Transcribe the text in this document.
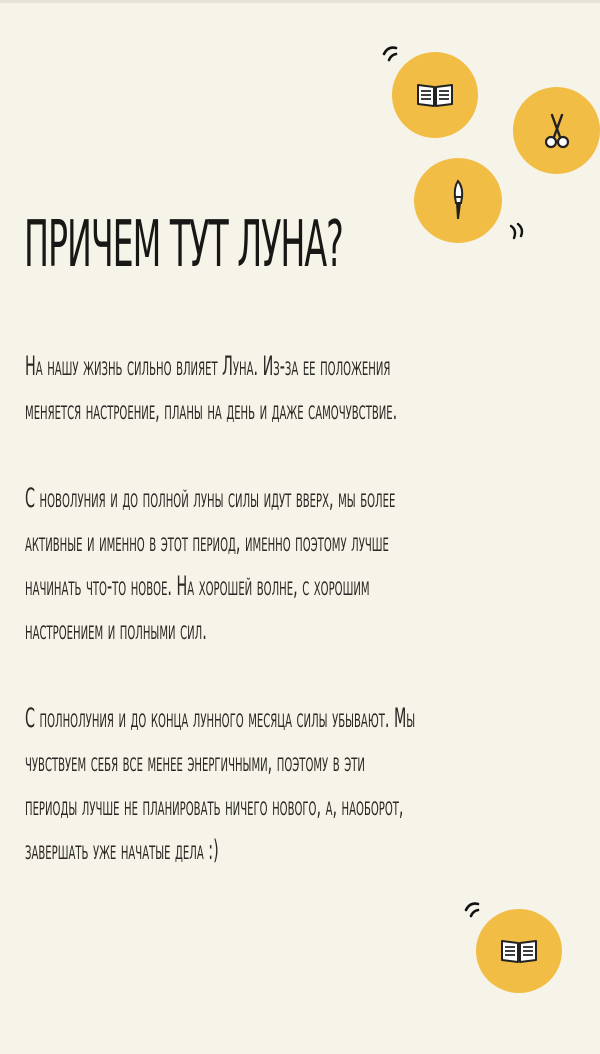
ПРИЧЕМ ТУТ ЛУНА?
На нашу жизнь сильно влияет Луна. Из-за ее положения
меняется настроение, планы на день и даже самочувствие.
С новолуния и до полной луны силы идут вверх, мы более
активные и именно в этот период, именно поэтому лучше
начинать что-то новое. На хорошей волне, с хорошим
настроением и полными сил.
С полнолуния и до конца лунного месяца силы убывают. Мы
чувствуем себя все менее энергичными, поэтому в эти
периоды лучше не планировать ничего нового, а, наоборот,
завершать уже начатые дела :)
